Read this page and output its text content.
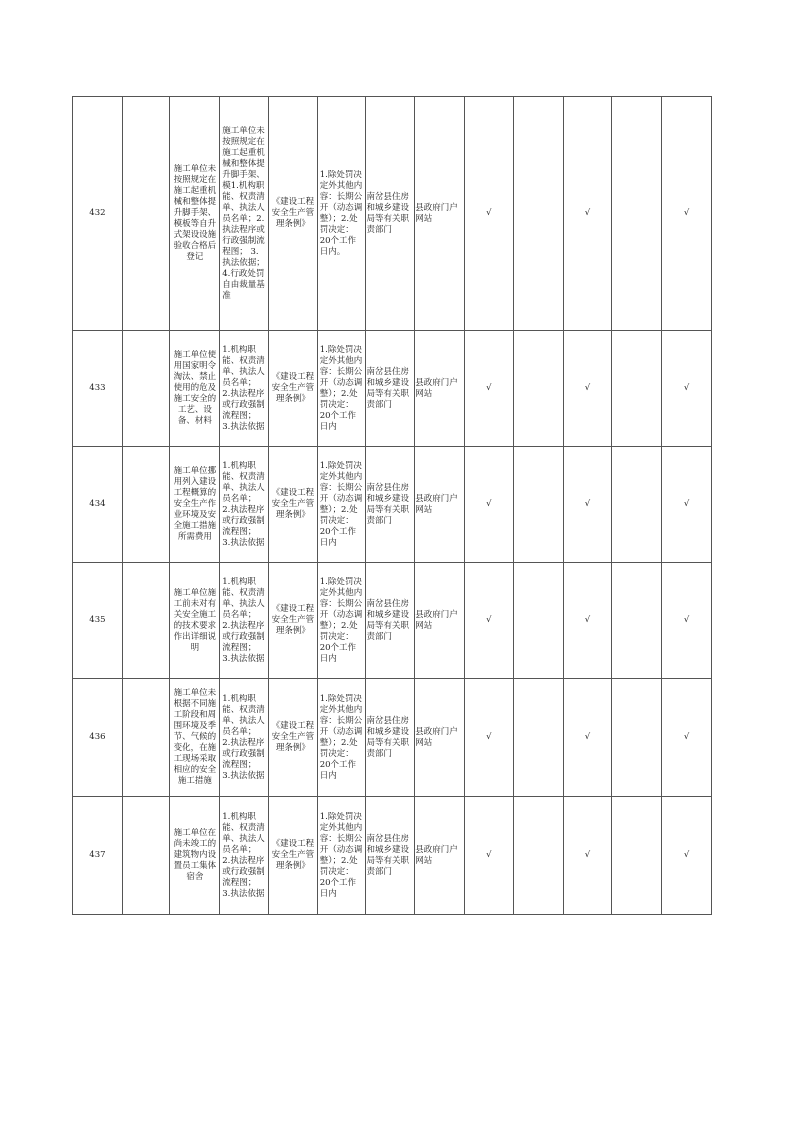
432		施工单位未按照规定在施工起重机械和整体提升脚手架、模板等自升式架设设施验收合格后登记	施工单位未按照规定在施工起重机械和整体提升脚手架、模1.机构职能、权责清单、执法人员名单；2.执法程序或行政强制流程图； 3.执法依据； 4.行政处罚自由裁量基准	《建设工程安全生产管理条例》	1.除处罚决定外其他内容：长期公开（动态调整）；2.处罚决定：20个工作日内。	南岔县住房和城乡建设局等有关职责部门	县政府门户网站	√		√		√
433		施工单位使用国家明令淘汰、禁止使用的危及施工安全的工艺、设备、材料	1.机构职能、权责清单、执法人员名单； 2.执法程序或行政强制流程图； 3.执法依据	《建设工程安全生产管理条例》	1.除处罚决定外其他内容：长期公开（动态调整）；2.处罚决定：20个工作日内	南岔县住房和城乡建设局等有关职责部门	县政府门户网站	√		√		√
434		施工单位挪用列入建设工程概算的安全生产作业环境及安全施工措施所需费用	1.机构职能、权责清单、执法人员名单； 2.执法程序或行政强制流程图； 3.执法依据	《建设工程安全生产管理条例》	1.除处罚决定外其他内容：长期公开（动态调整）；2.处罚决定：20个工作日内	南岔县住房和城乡建设局等有关职责部门	县政府门户网站	√		√		√
435		施工单位施工前未对有关安全施工的技术要求作出详细说明	1.机构职能、权责清单、执法人员名单； 2.执法程序或行政强制流程图； 3.执法依据	《建设工程安全生产管理条例》	1.除处罚决定外其他内容：长期公开（动态调整）；2.处罚决定：20个工作日内	南岔县住房和城乡建设局等有关职责部门	县政府门户网站	√		√		√
436		施工单位未根据不同施工阶段和周围环境及季节、气候的变化，在施工现场采取相应的安全施工措施	1.机构职能、权责清单、执法人员名单； 2.执法程序或行政强制流程图； 3.执法依据	《建设工程安全生产管理条例》	1.除处罚决定外其他内容：长期公开（动态调整）；2.处罚决定：20个工作日内	南岔县住房和城乡建设局等有关职责部门	县政府门户网站	√		√		√
437		施工单位在尚未竣工的建筑物内设置员工集体宿舍	1.机构职能、权责清单、执法人员名单； 2.执法程序或行政强制流程图； 3.执法依据	《建设工程安全生产管理条例》	1.除处罚决定外其他内容：长期公开（动态调整）；2.处罚决定：20个工作日内	南岔县住房和城乡建设局等有关职责部门	县政府门户网站	√		√		√
